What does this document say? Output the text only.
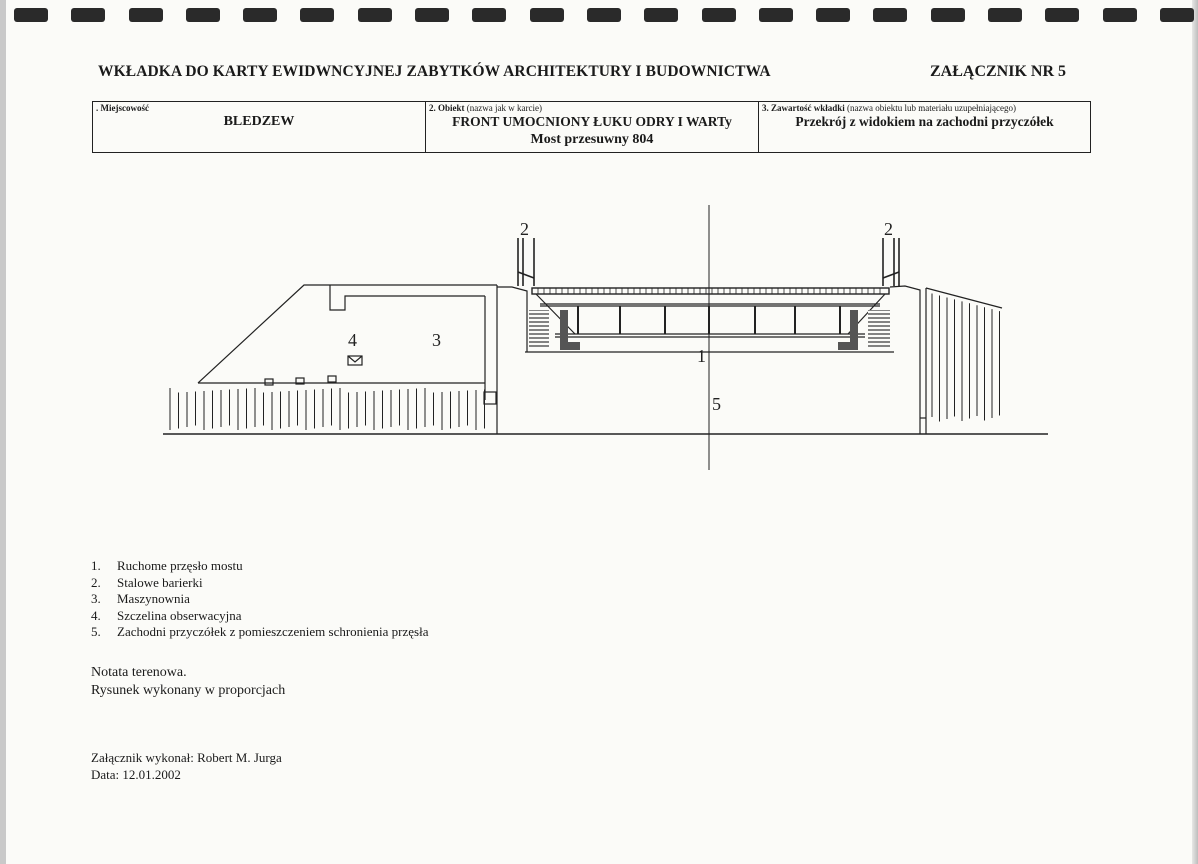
WKŁADKA DO KARTY EWIDWNCYJNEJ ZABYTKÓW ARCHITEKTURY I BUDOWNICTWA	ZAŁĄCZNIK NR 5
. Miejscowość
BLEDZEW

2. Obiekt (nazwa jak w karcie)
FRONT UMOCNIONY ŁUKU ODRY I WARTy
Most przesuwny 804

3. Zawartość wkładki (nazwa obiektu lub materiału uzupełniającego)
Przekrój z widokiem na zachodni przyczółek
2	2
1
4	3
5
1. Ruchome przęsło mostu
2. Stalowe barierki
3. Maszynownia
4. Szczelina obserwacyjna
5. Zachodni przyczółek z pomieszczeniem schronienia przęsła
Notata terenowa.
Rysunek wykonany w proporcjach
Załącznik wykonał: Robert M. Jurga
Data: 12.01.2002
